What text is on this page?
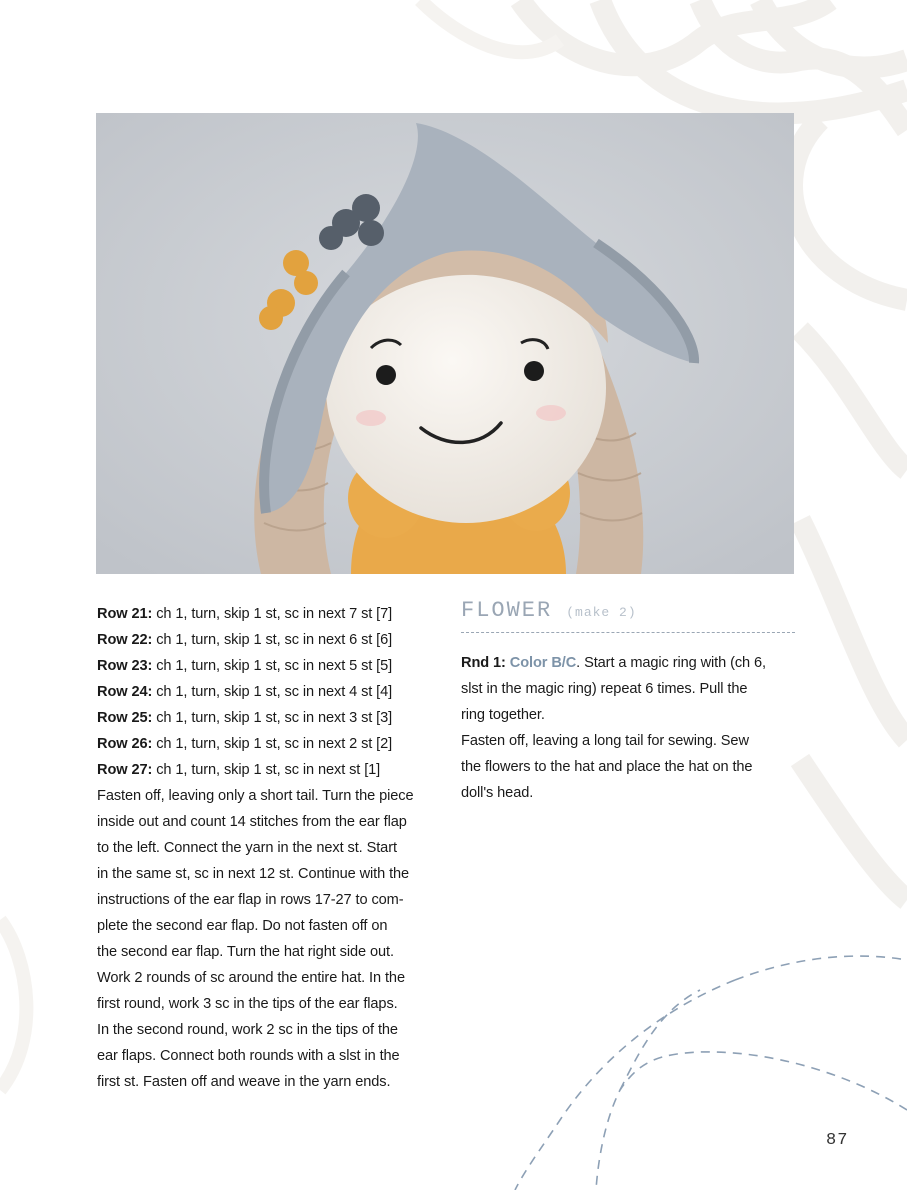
Row 21: ch 1, turn, skip 1 st, sc in next 7 st [7]
Row 22: ch 1, turn, skip 1 st, sc in next 6 st [6]
Row 23: ch 1, turn, skip 1 st, sc in next 5 st [5]
Row 24: ch 1, turn, skip 1 st, sc in next 4 st [4]
Row 25: ch 1, turn, skip 1 st, sc in next 3 st [3]
Row 26: ch 1, turn, skip 1 st, sc in next 2 st [2]
Row 27: ch 1, turn, skip 1 st, sc in next st [1]
Fasten off, leaving only a short tail. Turn the piece
inside out and count 14 stitches from the ear flap
to the left. Connect the yarn in the next st. Start
in the same st, sc in next 12 st. Continue with the
instructions of the ear flap in rows 17-27 to com-
plete the second ear flap. Do not fasten off on
the second ear flap. Turn the hat right side out.
Work 2 rounds of sc around the entire hat. In the
first round, work 3 sc in the tips of the ear flaps.
In the second round, work 2 sc in the tips of the
ear flaps. Connect both rounds with a slst in the
first st. Fasten off and weave in the yarn ends.
FLOWER (make 2)
Rnd 1: Color B/C. Start a magic ring with (ch 6,
slst in the magic ring) repeat 6 times. Pull the
ring together.
Fasten off, leaving a long tail for sewing. Sew
the flowers to the hat and place the hat on the
doll's head.
87
